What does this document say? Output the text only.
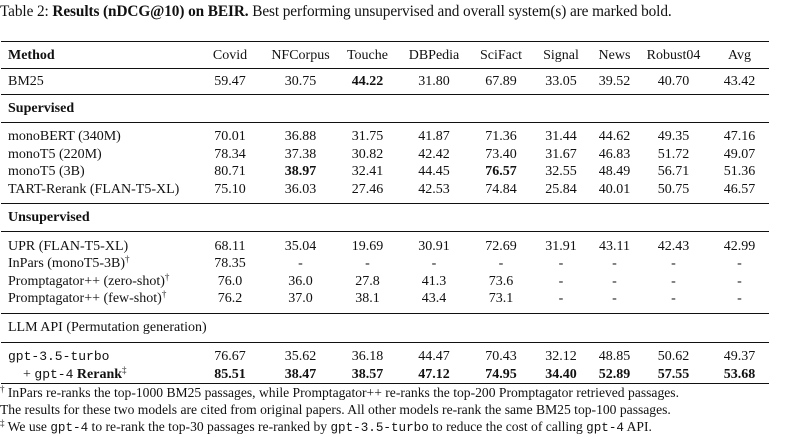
Table 2: Results (nDCG@10) on BEIR. Best performing unsupervised and overall system(s) are marked bold.
Method	Covid	NFCorpus	Touche	DBPedia	SciFact	Signal	News	Robust04	Avg
BM25	59.47	30.75	44.22	31.80	67.89	33.05	39.52	40.70	43.42
Supervised									
monoBERT (340M)	70.01	36.88	31.75	41.87	71.36	31.44	44.62	49.35	47.16
monoT5 (220M)	78.34	37.38	30.82	42.42	73.40	31.67	46.83	51.72	49.07
monoT5 (3B)	80.71	38.97	32.41	44.45	76.57	32.55	48.49	56.71	51.36
TART-Rerank (FLAN-T5-XL)	75.10	36.03	27.46	42.53	74.84	25.84	40.01	50.75	46.57
Unsupervised									
UPR (FLAN-T5-XL)	68.11	35.04	19.69	30.91	72.69	31.91	43.11	42.43	42.99
InPars (monoT5-3B)†	78.35	-	-	-	-	-	-	-	-
Promptagator++ (zero-shot)†	76.0	36.0	27.8	41.3	73.6	-	-	-	-
Promptagator++ (few-shot)†	76.2	37.0	38.1	43.4	73.1	-	-	-	-
LLM API (Permutation generation)									
gpt-3.5-turbo	76.67	35.62	36.18	44.47	70.43	32.12	48.85	50.62	49.37
+ gpt-4 Rerank‡	85.51	38.47	38.57	47.12	74.95	34.40	52.89	57.55	53.68
† InPars re-ranks the top-1000 BM25 passages, while Promptagator++ re-ranks the top-200 Promptagator retrieved passages.
The results for these two models are cited from original papers. All other models re-rank the same BM25 top-100 passages.
‡ We use gpt-4 to re-rank the top-30 passages re-ranked by gpt-3.5-turbo to reduce the cost of calling gpt-4 API.
